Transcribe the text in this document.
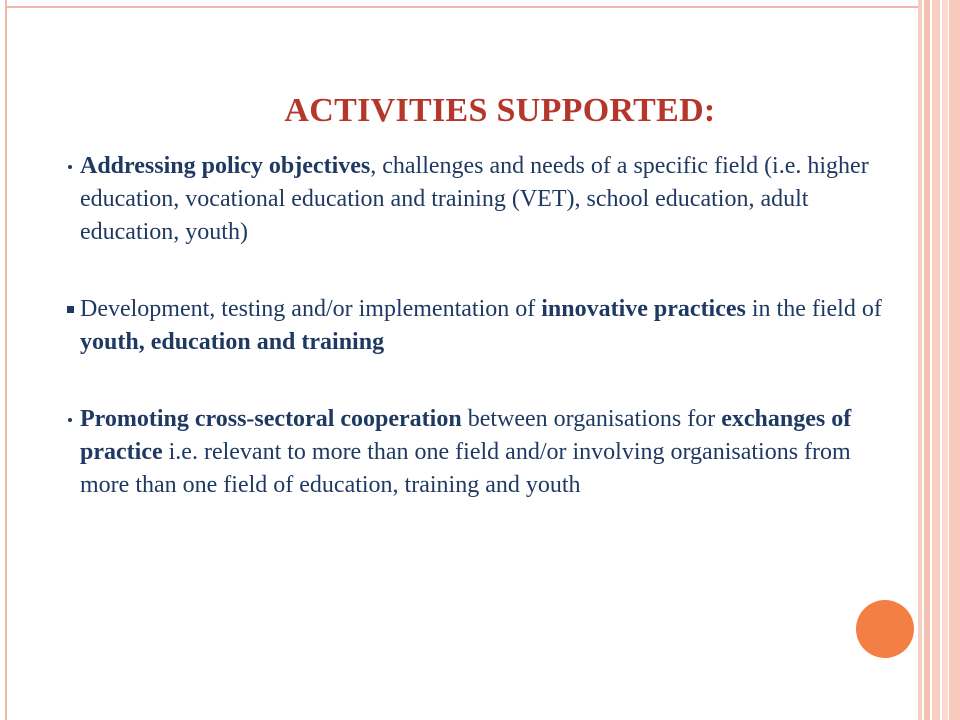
ACTIVITIES SUPPORTED:
Addressing policy objectives, challenges and needs of a specific field (i.e. higher education, vocational education and training (VET), school education, adult education, youth)
Development, testing and/or implementation of innovative practices in the field of youth, education and training
Promoting cross-sectoral cooperation between organisations for exchanges of practice i.e. relevant to more than one field and/or involving organisations from more than one field of education, training and youth
